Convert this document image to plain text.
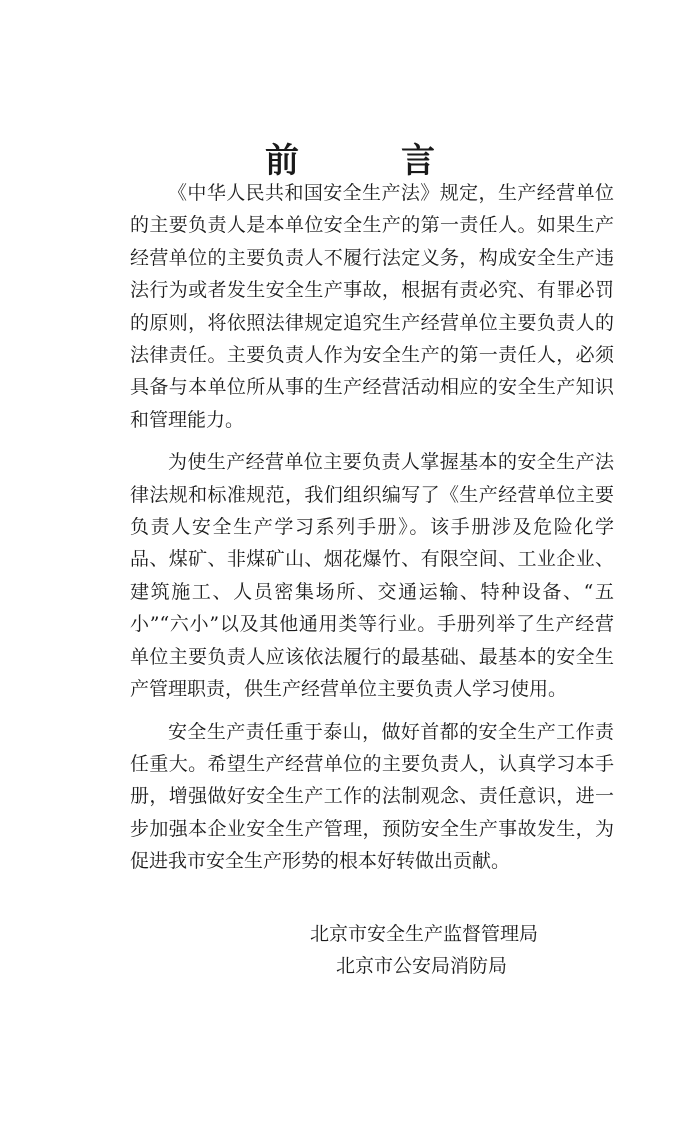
前　言

《中华人民共和国安全生产法》规定，生产经营单位的主要负责人是本单位安全生产的第一责任人。如果生产经营单位的主要负责人不履行法定义务，构成安全生产违法行为或者发生安全生产事故，根据有责必究、有罪必罚的原则，将依照法律规定追究生产经营单位主要负责人的法律责任。主要负责人作为安全生产的第一责任人，必须具备与本单位所从事的生产经营活动相应的安全生产知识和管理能力。

为使生产经营单位主要负责人掌握基本的安全生产法律法规和标准规范，我们组织编写了《生产经营单位主要负责人安全生产学习系列手册》。该手册涉及危险化学品、煤矿、非煤矿山、烟花爆竹、有限空间、工业企业、建筑施工、人员密集场所、交通运输、特种设备、“五小”“六小”以及其他通用类等行业。手册列举了生产经营单位主要负责人应该依法履行的最基础、最基本的安全生产管理职责，供生产经营单位主要负责人学习使用。

安全生产责任重于泰山，做好首都的安全生产工作责任重大。希望生产经营单位的主要负责人，认真学习本手册，增强做好安全生产工作的法制观念、责任意识，进一步加强本企业安全生产管理，预防安全生产事故发生，为促进我市安全生产形势的根本好转做出贡献。

北京市安全生产监督管理局
北京市公安局消防局
